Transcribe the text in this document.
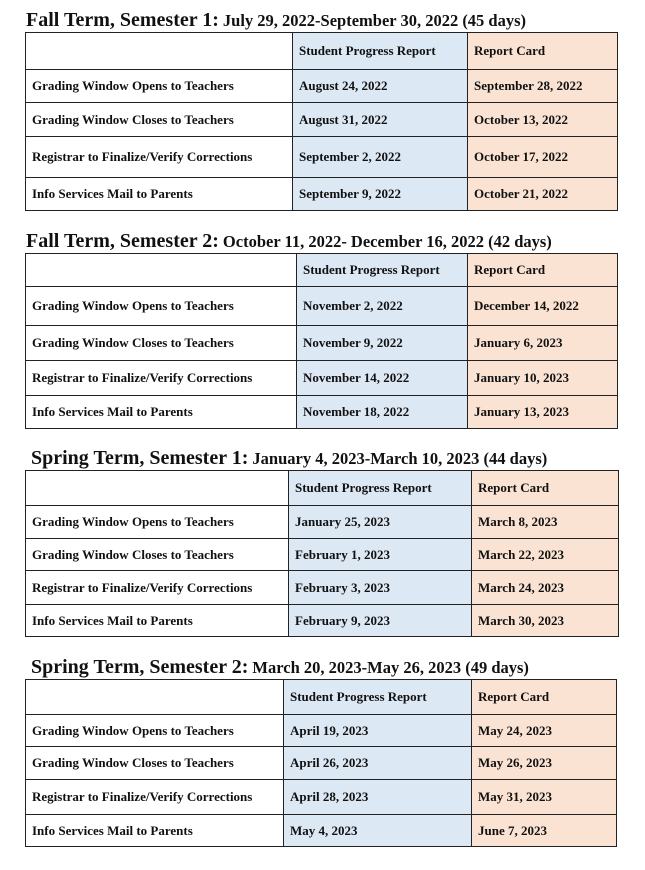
Fall Term, Semester 1: July 29, 2022-September 30, 2022 (45 days)
	Student Progress Report	Report Card
Grading Window Opens to Teachers	August 24, 2022	September 28, 2022
Grading Window Closes to Teachers	August 31, 2022	October 13, 2022
Registrar to Finalize/Verify Corrections	September 2, 2022	October 17, 2022
Info Services Mail to Parents	September 9, 2022	October 21, 2022
Fall Term, Semester 2: October 11, 2022- December 16, 2022 (42 days)
	Student Progress Report	Report Card
Grading Window Opens to Teachers	November 2, 2022	December 14, 2022
Grading Window Closes to Teachers	November 9, 2022	January 6, 2023
Registrar to Finalize/Verify Corrections	November 14, 2022	January 10, 2023
Info Services Mail to Parents	November 18, 2022	January 13, 2023
Spring Term, Semester 1: January 4, 2023-March 10, 2023 (44 days)
	Student Progress Report	Report Card
Grading Window Opens to Teachers	January 25, 2023	March 8, 2023
Grading Window Closes to Teachers	February 1, 2023	March 22, 2023
Registrar to Finalize/Verify Corrections	February 3, 2023	March 24, 2023
Info Services Mail to Parents	February 9, 2023	March 30, 2023
Spring Term, Semester 2: March 20, 2023-May 26, 2023 (49 days)
	Student Progress Report	Report Card
Grading Window Opens to Teachers	April 19, 2023	May 24, 2023
Grading Window Closes to Teachers	April 26, 2023	May 26, 2023
Registrar to Finalize/Verify Corrections	April 28, 2023	May 31, 2023
Info Services Mail to Parents	May 4, 2023	June 7, 2023
